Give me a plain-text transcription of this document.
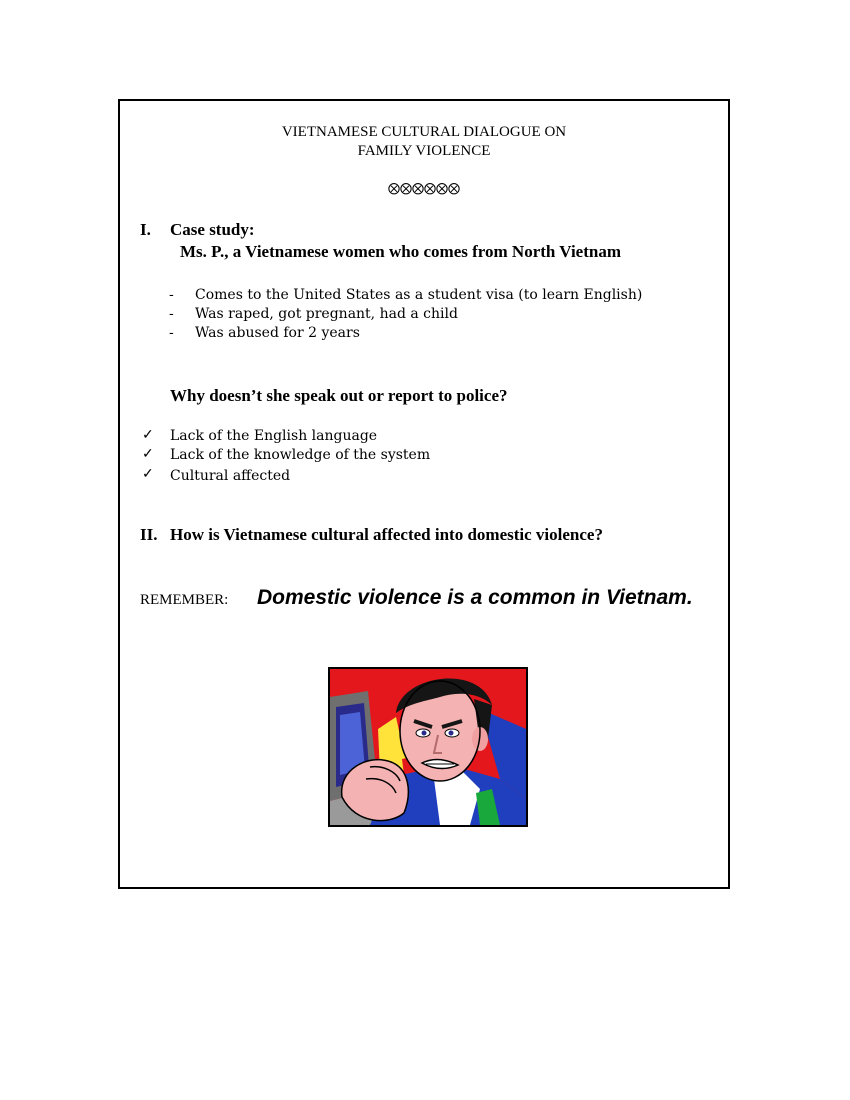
VIETNAMESE CULTURAL DIALOGUE ON
FAMILY VIOLENCE
⨂⨂⨂⨂⨂⨂
I. Case study:
Ms. P., a Vietnamese women who comes from North Vietnam
- Comes to the United States as a student visa (to learn English)
- Was raped, got pregnant, had a child
- Was abused for 2 years
Why doesn’t she speak out or report to police?
✓ Lack of the English language
✓ Lack of the knowledge of the system
✓ Cultural affected
II. How is Vietnamese cultural affected into domestic violence?
REMEMBER: Domestic violence is a common in Vietnam.
